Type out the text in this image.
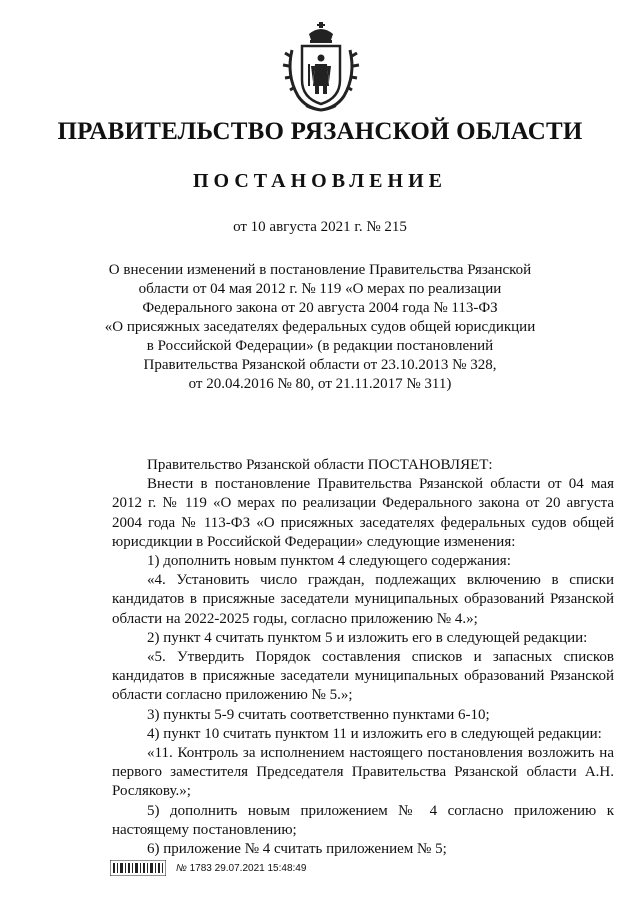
ПРАВИТЕЛЬСТВО РЯЗАНСКОЙ ОБЛАСТИ
ПОСТАНОВЛЕНИЕ
от 10 августа 2021 г. № 215
О внесении изменений в постановление Правительства Рязанской
области от 04 мая 2012 г. № 119 «О мерах по реализации
Федерального закона от 20 августа 2004 года № 113-ФЗ
«О присяжных заседателях федеральных судов общей юрисдикции
в Российской Федерации» (в редакции постановлений
Правительства Рязанской области от 23.10.2013 № 328,
от 20.04.2016 № 80, от 21.11.2017 № 311)

Правительство Рязанской области ПОСТАНОВЛЯЕТ:

Внести в постановление Правительства Рязанской области от 04 мая 2012 г. № 119 «О мерах по реализации Федерального закона от 20 августа 2004 года № 113-ФЗ «О присяжных заседателях федеральных судов общей юрисдикции в Российской Федерации» следующие изменения:

1) дополнить новым пунктом 4 следующего содержания:

«4. Установить число граждан, подлежащих включению в списки кандидатов в присяжные заседатели муниципальных образований Рязанской области на 2022-2025 годы, согласно приложению № 4.»;

2) пункт 4 считать пунктом 5 и изложить его в следующей редакции:

«5. Утвердить Порядок составления списков и запасных списков кандидатов в присяжные заседатели муниципальных образований Рязанской области согласно приложению № 5.»;

3) пункты 5-9 считать соответственно пунктами 6-10;

4) пункт 10 считать пунктом 11 и изложить его в следующей редакции:

«11. Контроль за исполнением настоящего постановления возложить на первого заместителя Председателя Правительства Рязанской области А.Н. Рослякову.»;

5) дополнить новым приложением № 4 согласно приложению к настоящему постановлению;

6) приложение № 4 считать приложением № 5;

№ 1783 29.07.2021 15:48:49
